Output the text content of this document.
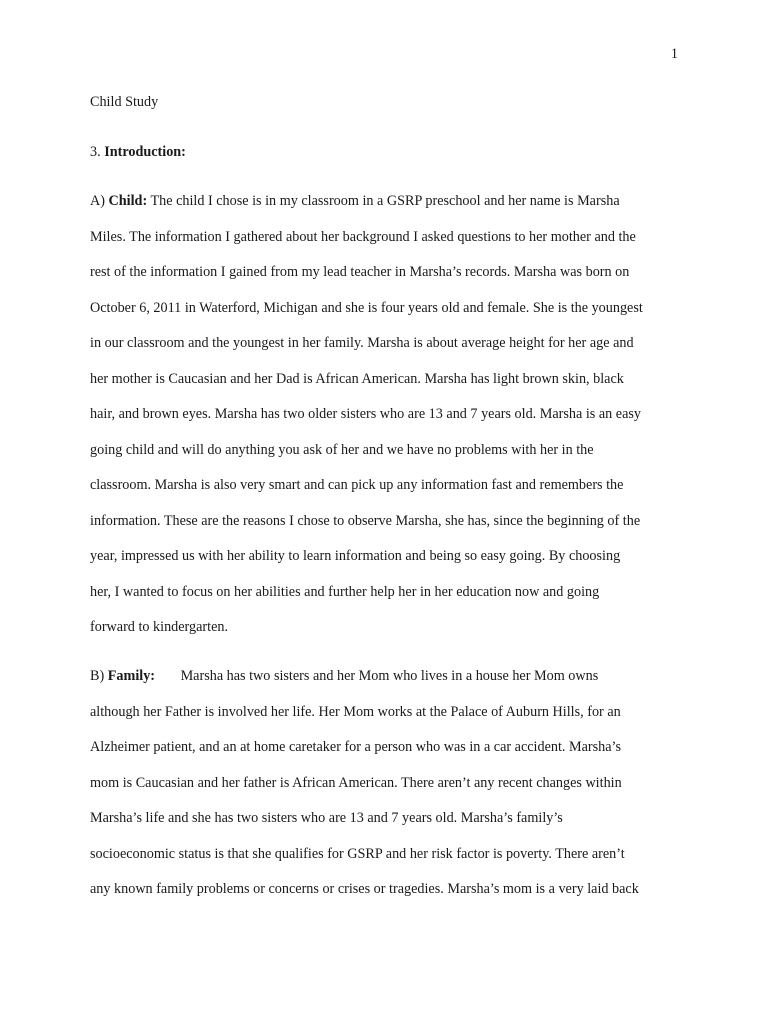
1
Child Study
3. Introduction:
A) Child: The child I chose is in my classroom in a GSRP preschool and her name is Marsha
Miles. The information I gathered about her background I asked questions to her mother and the
rest of the information I gained from my lead teacher in Marsha’s records. Marsha was born on
October 6, 2011 in Waterford, Michigan and she is four years old and female. She is the youngest
in our classroom and the youngest in her family. Marsha is about average height for her age and
her mother is Caucasian and her Dad is African American. Marsha has light brown skin, black
hair, and brown eyes. Marsha has two older sisters who are 13 and 7 years old. Marsha is an easy
going child and will do anything you ask of her and we have no problems with her in the
classroom. Marsha is also very smart and can pick up any information fast and remembers the
information. These are the reasons I chose to observe Marsha, she has, since the beginning of the
year, impressed us with her ability to learn information and being so easy going. By choosing
her, I wanted to focus on her abilities and further help her in her education now and going
forward to kindergarten.
B) Family: Marsha has two sisters and her Mom who lives in a house her Mom owns
although her Father is involved her life. Her Mom works at the Palace of Auburn Hills, for an
Alzheimer patient, and an at home caretaker for a person who was in a car accident. Marsha’s
mom is Caucasian and her father is African American. There aren’t any recent changes within
Marsha’s life and she has two sisters who are 13 and 7 years old. Marsha’s family’s
socioeconomic status is that she qualifies for GSRP and her risk factor is poverty. There aren’t
any known family problems or concerns or crises or tragedies. Marsha’s mom is a very laid back
